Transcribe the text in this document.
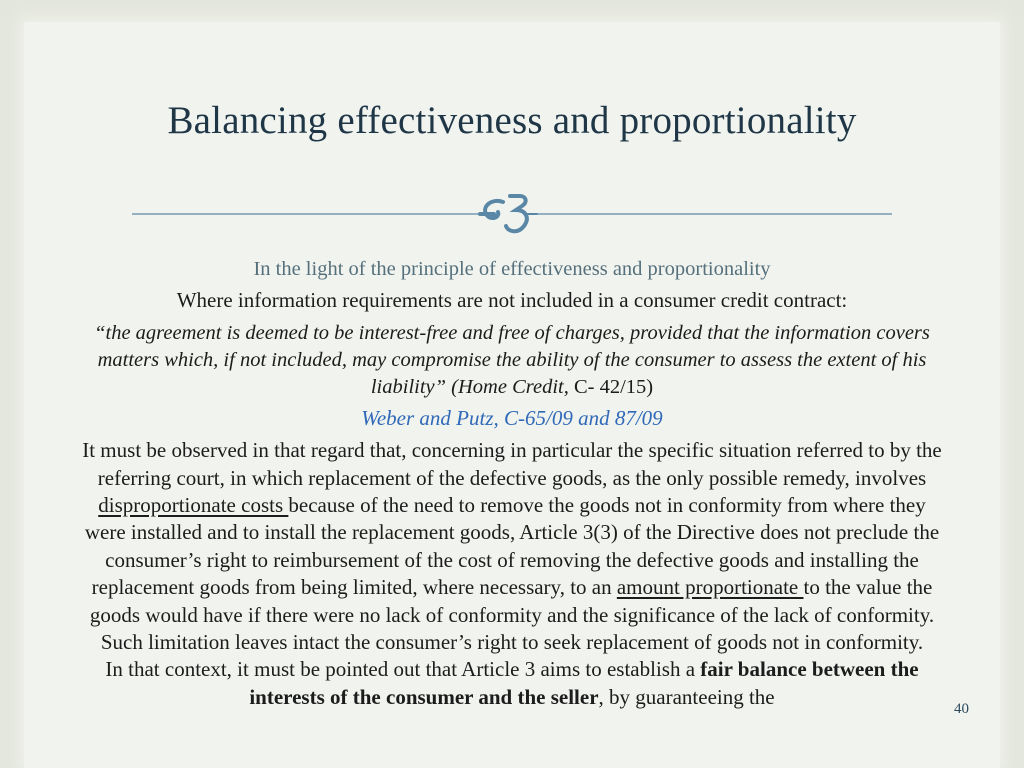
Balancing effectiveness and proportionality

In the light of the principle of effectiveness and proportionality

Where information requirements are not included in a consumer credit contract:

“the agreement is deemed to be interest-free and free of charges, provided that the information covers matters which, if not included, may compromise the ability of the consumer to assess the extent of his liability” (Home Credit, C- 42/15)

Weber and Putz, C-65/09 and 87/09

It must be observed in that regard that, concerning in particular the specific situation referred to by the referring court, in which replacement of the defective goods, as the only possible remedy, involves disproportionate costs because of the need to remove the goods not in conformity from where they were installed and to install the replacement goods, Article 3(3) of the Directive does not preclude the consumer’s right to reimbursement of the cost of removing the defective goods and installing the replacement goods from being limited, where necessary, to an amount proportionate to the value the goods would have if there were no lack of conformity and the significance of the lack of conformity. Such limitation leaves intact the consumer’s right to seek replacement of goods not in conformity.

In that context, it must be pointed out that Article 3 aims to establish a fair balance between the interests of the consumer and the seller, by guaranteeing the

40
